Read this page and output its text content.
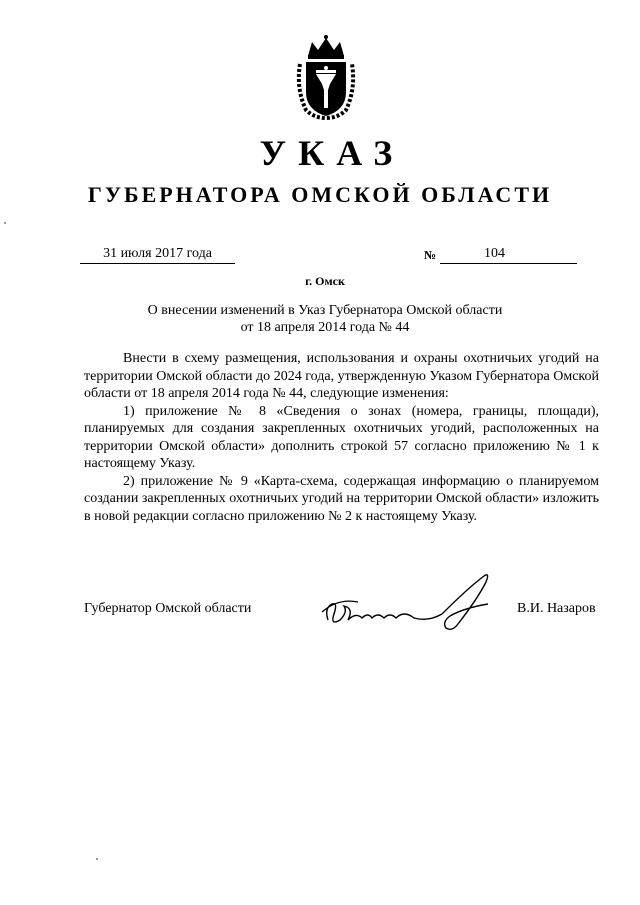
УКАЗ
ГУБЕРНАТОРА ОМСКОЙ ОБЛАСТИ
31 июля 2017 года	№	104
г. Омск
О внесении изменений в Указ Губернатора Омской области
от 18 апреля 2014 года № 44

Внести в схему размещения, использования и охраны охотничьих угодий на территории Омской области до 2024 года, утвержденную Указом Губернатора Омской области от 18 апреля 2014 года № 44, следующие изменения:

1) приложение № 8 «Сведения о зонах (номера, границы, площади), планируемых для создания закрепленных охотничьих угодий, расположенных на территории Омской области» дополнить строкой 57 согласно приложению № 1 к настоящему Указу.

2) приложение № 9 «Карта-схема, содержащая информацию о планируемом создании закрепленных охотничьих угодий на территории Омской области» изложить в новой редакции согласно приложению № 2 к настоящему Указу.

Губернатор Омской области	В.И. Назаров
